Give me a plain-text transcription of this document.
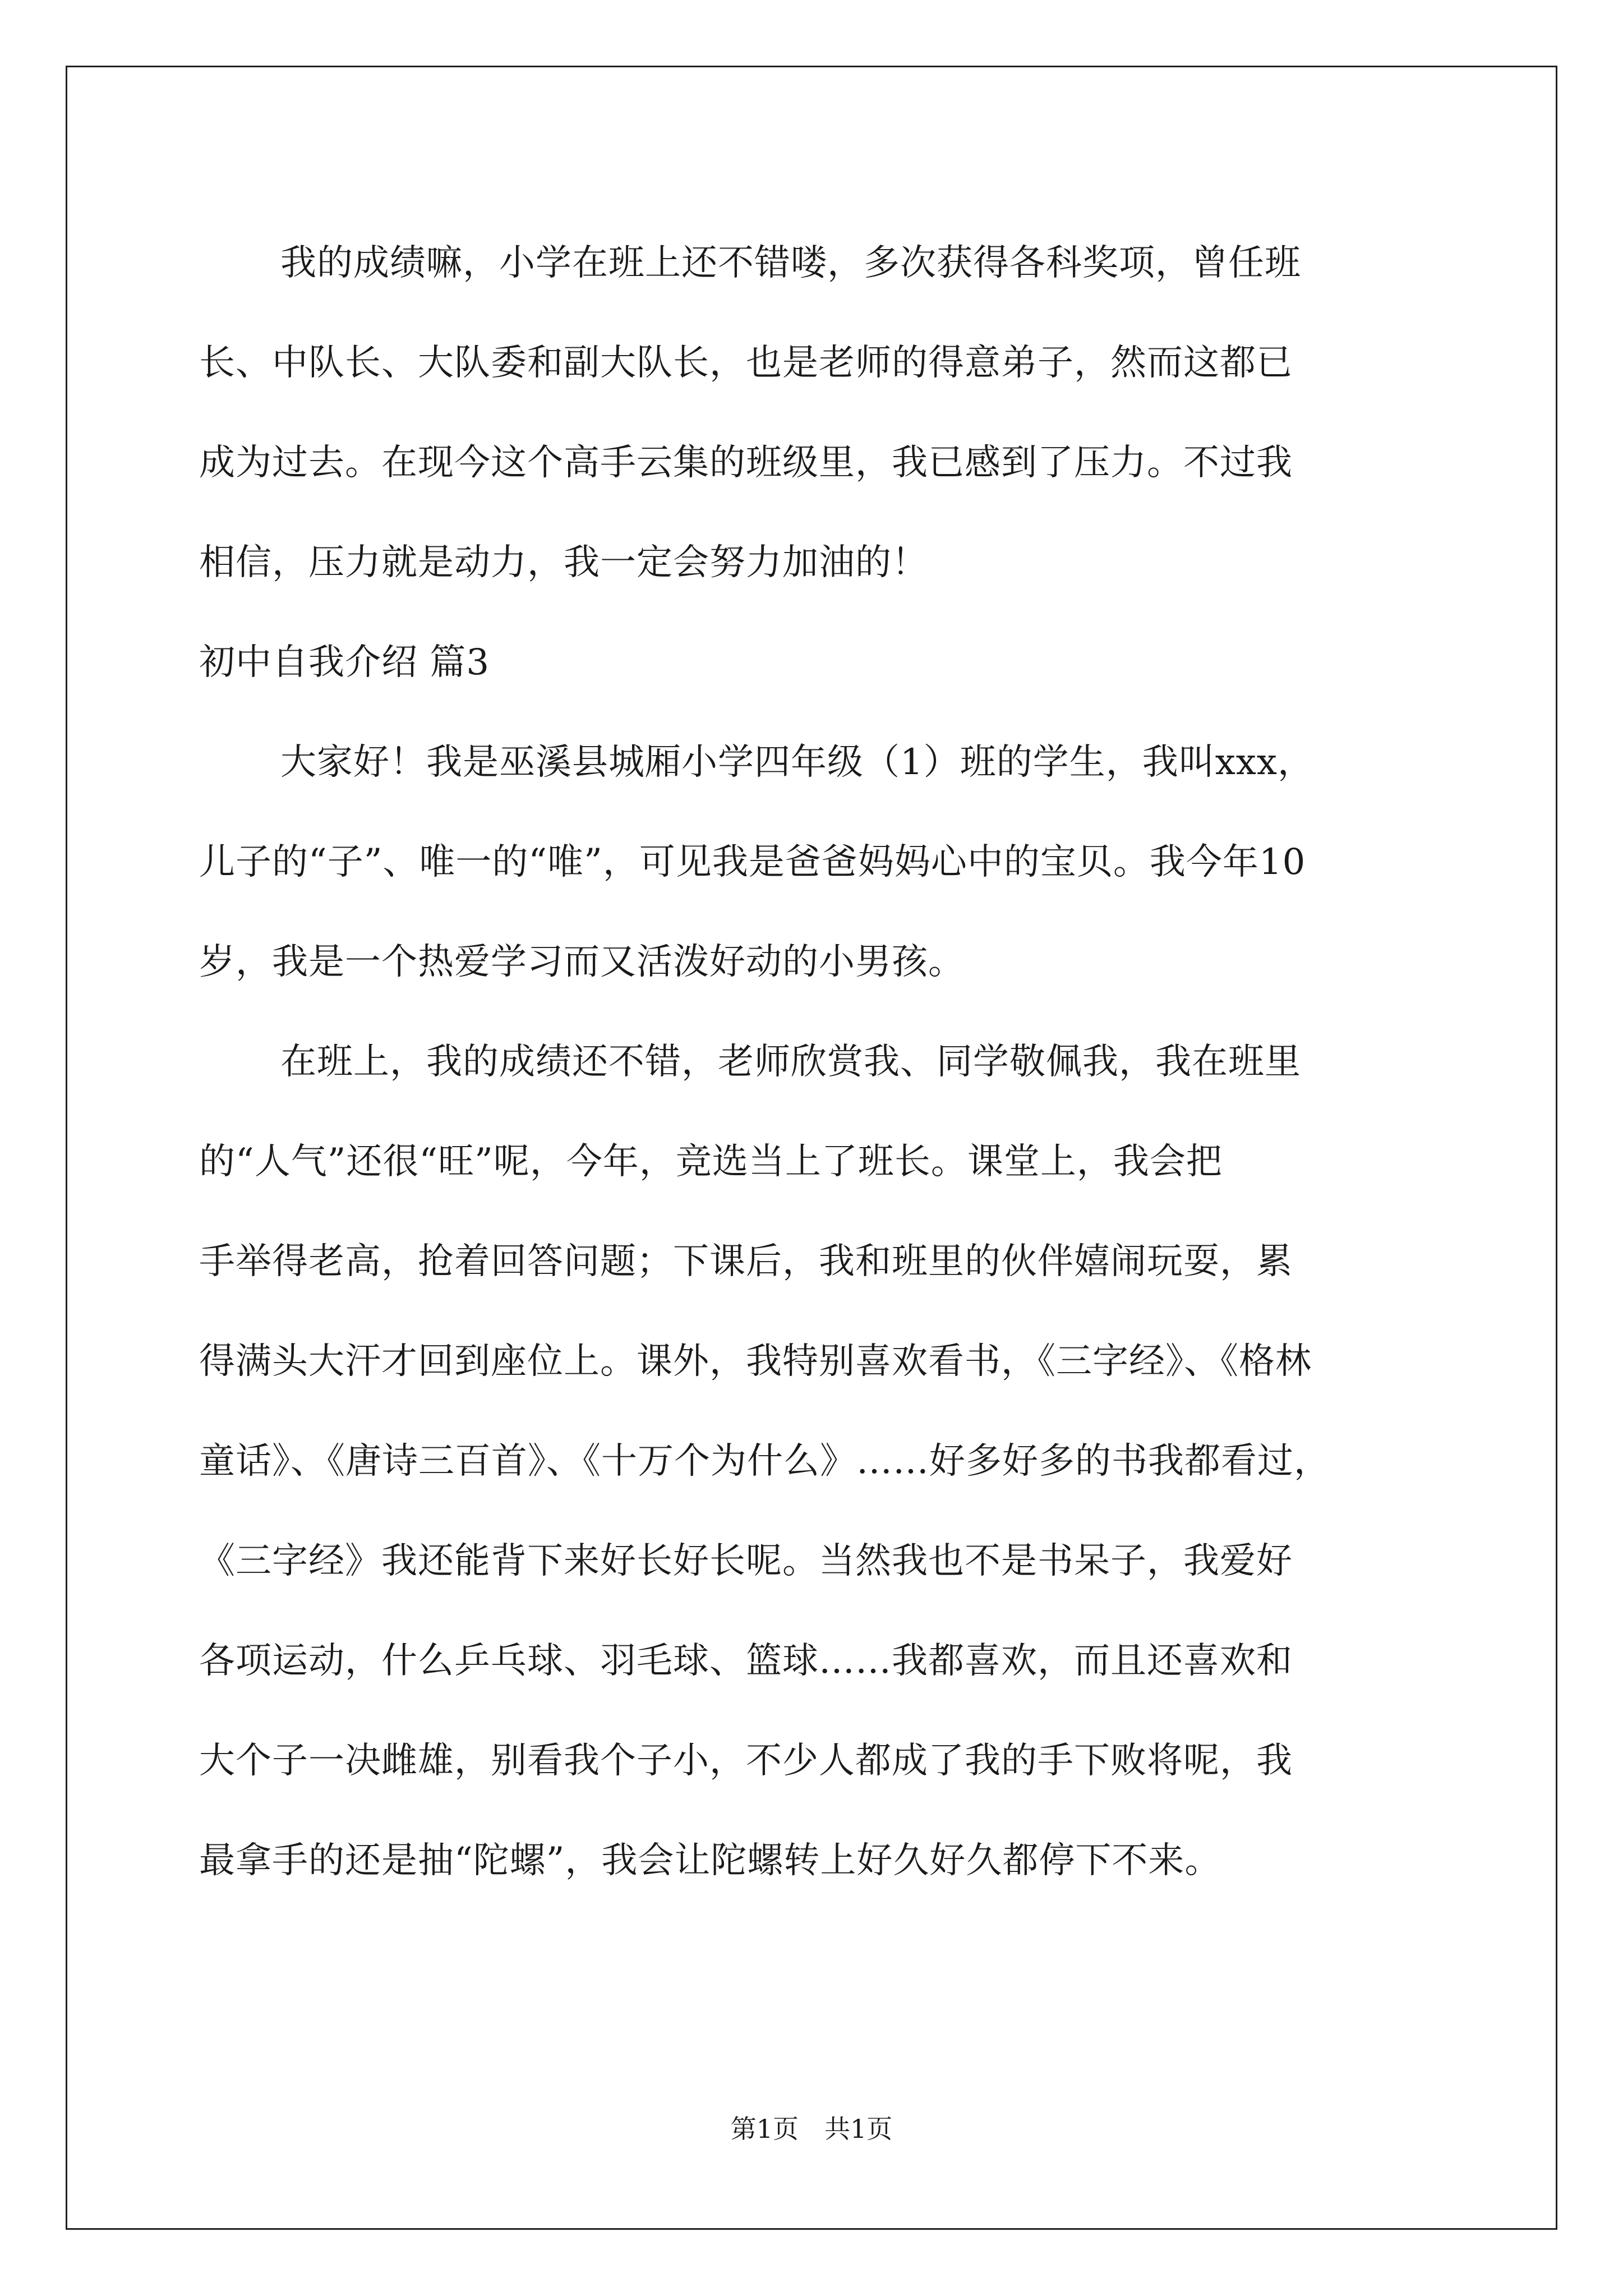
我的成绩嘛，小学在班上还不错喽，多次获得各科奖项，曾任班
长、中队长、大队委和副大队长，也是老师的得意弟子，然而这都已
成为过去。在现今这个高手云集的班级里，我已感到了压力。不过我
相信，压力就是动力，我一定会努力加油的！
初中自我介绍 篇3
大家好！我是巫溪县城厢小学四年级（1）班的学生，我叫xxx，
儿子的“子”、唯一的“唯”，可见我是爸爸妈妈心中的宝贝。我今年10
岁，我是一个热爱学习而又活泼好动的小男孩。
在班上，我的成绩还不错，老师欣赏我、同学敬佩我，我在班里
的“人气”还很“旺”呢，今年，竞选当上了班长。课堂上，我会把
手举得老高，抢着回答问题；下课后，我和班里的伙伴嬉闹玩耍，累
得满头大汗才回到座位上。课外，我特别喜欢看书，《三字经》、《格林
童话》、《唐诗三百首》、《十万个为什么》……好多好多的书我都看过，
《三字经》我还能背下来好长好长呢。当然我也不是书呆子，我爱好
各项运动，什么乒乓球、羽毛球、篮球……我都喜欢，而且还喜欢和
大个子一决雌雄，别看我个子小，不少人都成了我的手下败将呢，我
最拿手的还是抽“陀螺”，我会让陀螺转上好久好久都停下不来。
第1页　共1页
